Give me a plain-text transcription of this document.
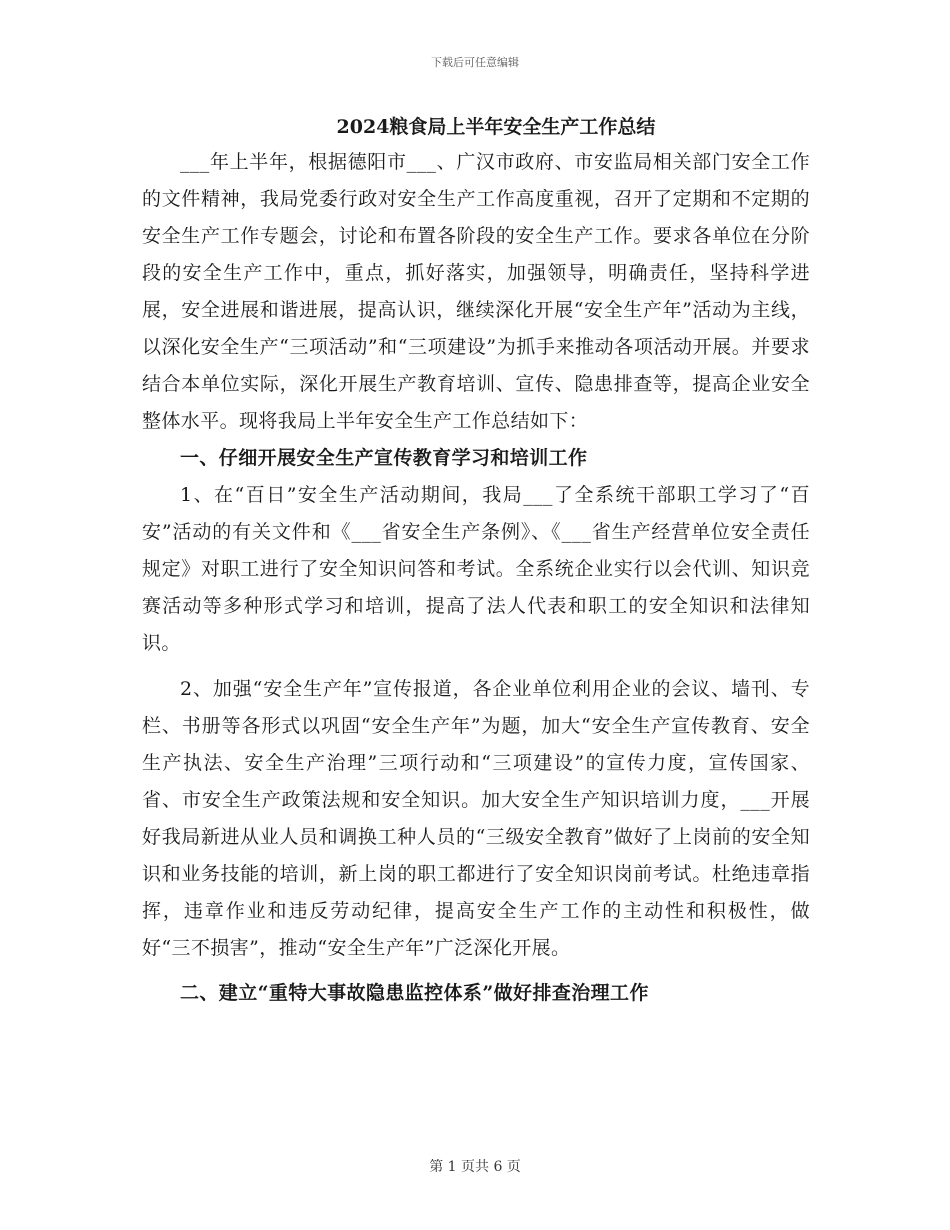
下载后可任意编辑
2024粮食局上半年安全生产工作总结

___年上半年，根据德阳市___、广汉市政府、市安监局相关部门安全工作的文件精神，我局党委行政对安全生产工作高度重视，召开了定期和不定期的安全生产工作专题会，讨论和布置各阶段的安全生产工作。要求各单位在分阶段的安全生产工作中，重点，抓好落实，加强领导，明确责任，坚持科学进展，安全进展和谐进展，提高认识，继续深化开展“安全生产年”活动为主线，以深化安全生产“三项活动”和“三项建设”为抓手来推动各项活动开展。并要求结合本单位实际，深化开展生产教育培训、宣传、隐患排查等，提高企业安全整体水平。现将我局上半年安全生产工作总结如下：

一、仔细开展安全生产宣传教育学习和培训工作

1、在“百日”安全生产活动期间，我局___了全系统干部职工学习了“百安”活动的有关文件和《___省安全生产条例》、《___省生产经营单位安全责任规定》对职工进行了安全知识问答和考试。全系统企业实行以会代训、知识竞赛活动等多种形式学习和培训，提高了法人代表和职工的安全知识和法律知识。

2、加强“安全生产年”宣传报道，各企业单位利用企业的会议、墙刊、专栏、书册等各形式以巩固“安全生产年”为题，加大“安全生产宣传教育、安全生产执法、安全生产治理”三项行动和“三项建设”的宣传力度，宣传国家、省、市安全生产政策法规和安全知识。加大安全生产知识培训力度，___开展好我局新进从业人员和调换工种人员的“三级安全教育”做好了上岗前的安全知识和业务技能的培训，新上岗的职工都进行了安全知识岗前考试。杜绝违章指挥，违章作业和违反劳动纪律，提高安全生产工作的主动性和积极性，做好“三不损害”，推动“安全生产年”广泛深化开展。

二、建立“重特大事故隐患监控体系”做好排查治理工作

第 1 页共 6 页
